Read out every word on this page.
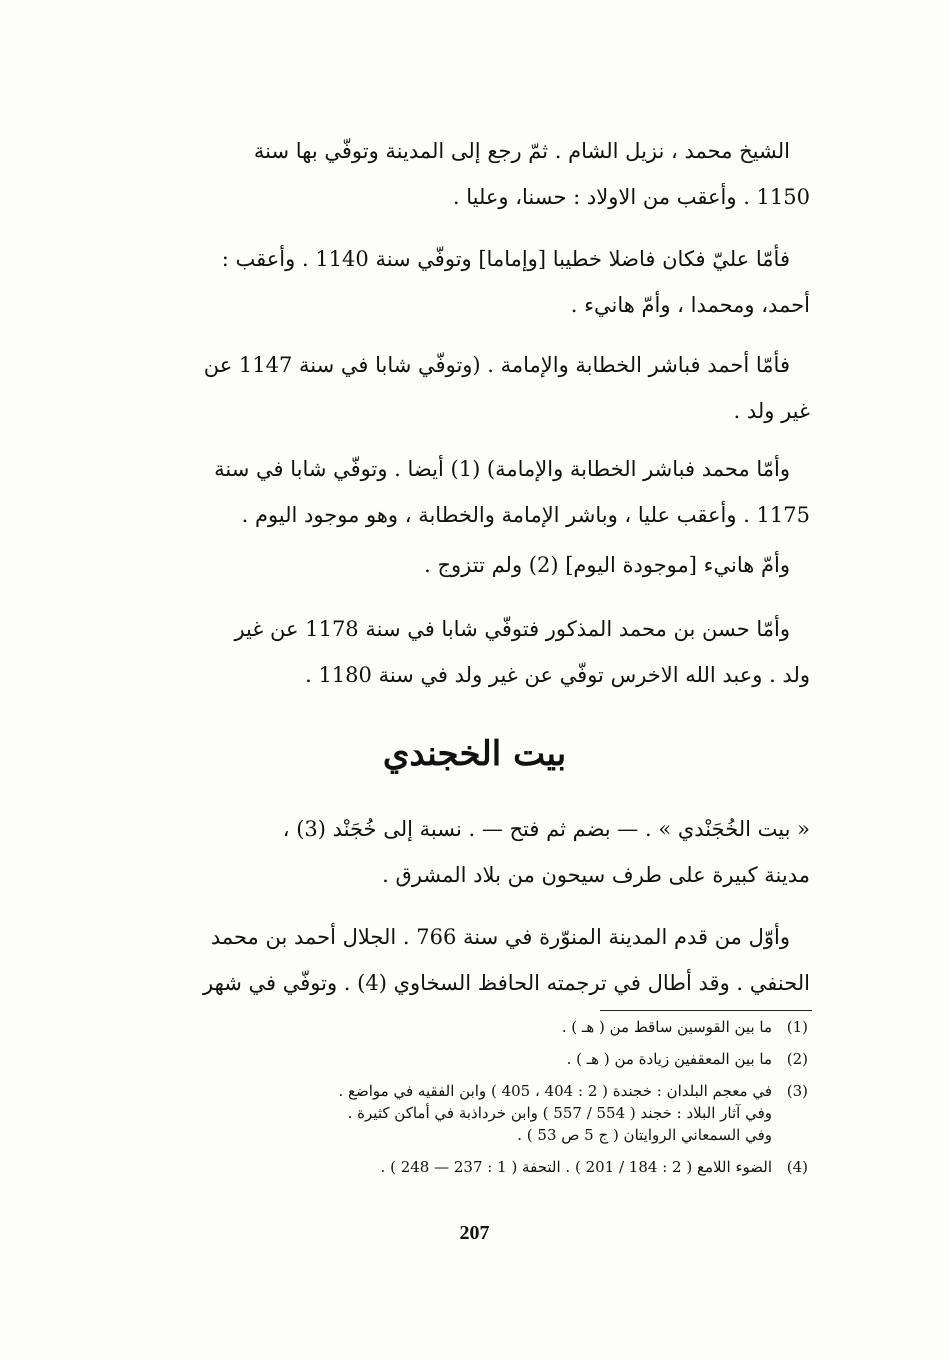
الشيخ محمد ، نزيل الشام . ثمّ رجع إلى المدينة وتوفّي بها سنة
1150 . وأعقب من الاولاد : حسنا، وعليا .
فأمّا عليّ فكان فاضلا خطيبا [وإماما] وتوفّي سنة 1140 . وأعقب :
أحمد، ومحمدا ، وأمّ هانيء .
فأمّا أحمد فباشر الخطابة والإمامة . (وتوفّي شابا في سنة 1147 عن
غير ولد .
وأمّا محمد فباشر الخطابة والإمامة) (1) أيضا . وتوفّي شابا في سنة
1175 . وأعقب عليا ، وباشر الإمامة والخطابة ، وهو موجود اليوم .
وأمّ هانيء [موجودة اليوم] (2) ولم تتزوج .
وأمّا حسن بن محمد المذكور فتوفّي شابا في سنة 1178 عن غير
ولد . وعبد الله الاخرس توفّي عن غير ولد في سنة 1180 .
بيت الخجندي
« بيت الخُجَنْدي » . — بضم ثم فتح — . نسبة إلى خُجَنْد (3) ،
مدينة كبيرة على طرف سيحون من بلاد المشرق .
وأوّل من قدم المدينة المنوّرة في سنة 766 . الجلال أحمد بن محمد
الحنفي . وقد أطال في ترجمته الحافظ السخاوي (4) . وتوفّي في شهر
(1)
ما بين القوسين ساقط من ( هـ ) .
(2)
ما بين المعقفين زيادة من ( هـ ) .
(3)
في معجم البلدان : خجندة ( 2 : 404 ، 405 ) وابن الفقيه في مواضع .
وفي آثار البلاد : خجند ( 554 / 557 ) وابن خرداذبة في أماكن كثيرة .
وفي السمعاني الروايتان ( ج 5 ص 53 ) .
(4)
الضوء اللامع ( 2 : 184 / 201 ) . التحفة ( 1 : 237 — 248 ) .
207
